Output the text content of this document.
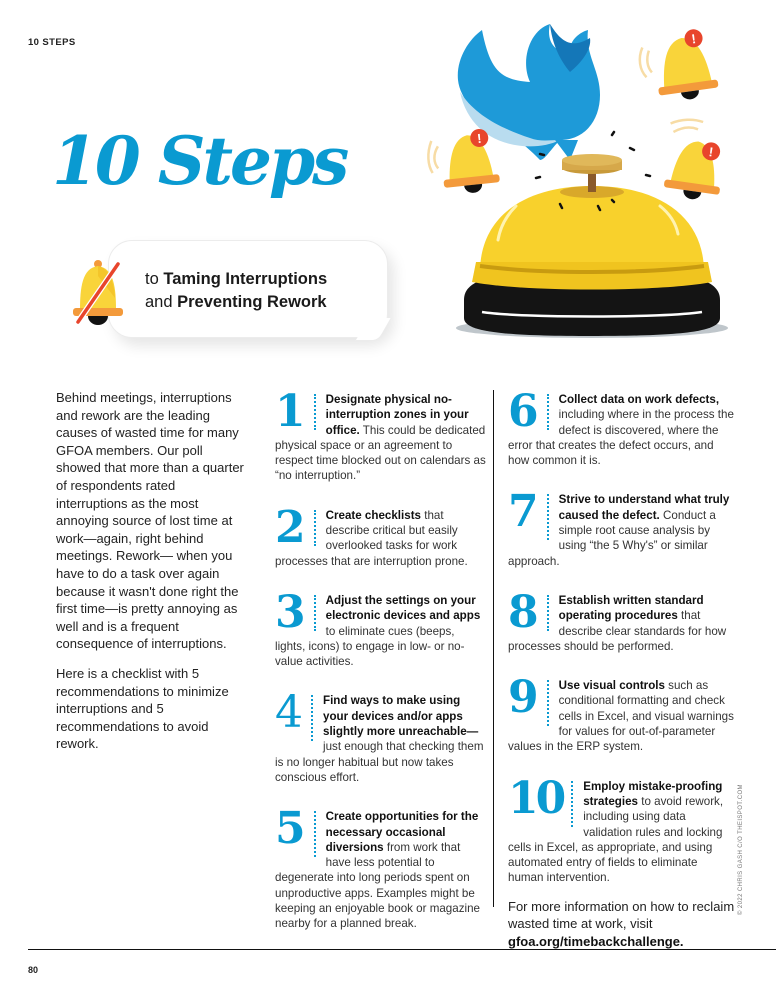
10 STEPS
10 Steps
to Taming Interruptions
and Preventing Rework
!
!
!

Behind meetings, interruptions and rework are the leading causes of wasted time for many GFOA members. Our poll showed that more than a quarter of respondents rated interruptions as the most annoying source of lost time at work—again, right behind meetings. Rework— when you have to do a task over again because it wasn't done right the first time—is pretty annoying as well and is a frequent consequence of interruptions.

Here is a checklist with 5 recommendations to minimize interruptions and 5 recommendations to avoid rework.

1	Designate physical no-interruption zones in your office. This could be dedicated physical space or an agreement to respect time blocked out on calendars as “no interruption.”
2	Create checklists that describe critical but easily overlooked tasks for work processes that are interruption prone.
3	Adjust the settings on your electronic devices and apps to eliminate cues (beeps, lights, icons) to engage in low- or no-value activities.
4	Find ways to make using your devices and/or apps slightly more unreachable—just enough that checking them is no longer habitual but now takes conscious effort.
5	Create opportunities for the necessary occasional diversions from work that have less potential to degenerate into long periods spent on unproductive apps. Examples might be keeping an enjoyable book or magazine nearby for a planned break.
6	Collect data on work defects, including where in the process the defect is discovered, where the error that creates the defect occurs, and how common it is.
7	Strive to understand what truly caused the defect. Conduct a simple root cause analysis by using “the 5 Why's” or similar approach.
8	Establish written standard operating procedures that describe clear standards for how processes should be performed.
9	Use visual controls such as conditional formatting and check cells in Excel, and visual warnings for values for out-of-parameter values in the ERP system.
10	Employ mistake-proofing strategies to avoid rework, including using data validation rules and locking cells in Excel, as appropriate, and using automated entry of fields to eliminate human intervention.
For more information on how to reclaim wasted time at work, visit gfoa.org/timebackchallenge.
© 2022 CHRIS GASH C/O THEISPOT.COM
80
